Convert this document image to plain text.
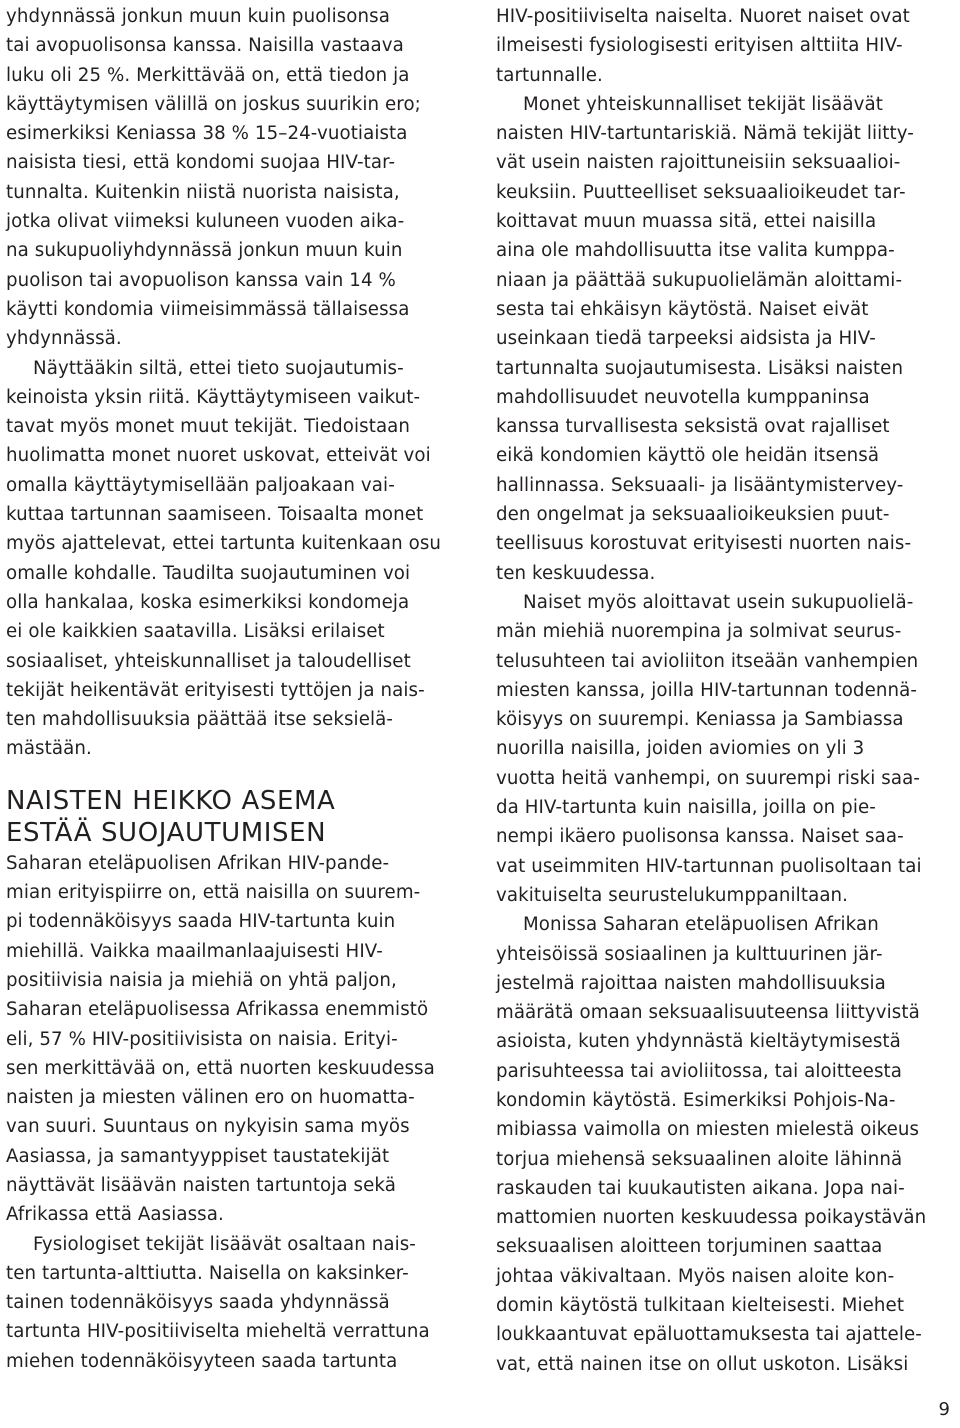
yhdynnässä jonkun muun kuin puolisonsa
tai avopuolisonsa kanssa. Naisilla vastaava
luku oli 25 %. Merkittävää on, että tiedon ja
käyttäytymisen välillä on joskus suurikin ero;
esimerkiksi Keniassa 38 % 15–24-vuotiaista
naisista tiesi, että kondomi suojaa HIV-tar-
tunnalta. Kuitenkin niistä nuorista naisista,
jotka olivat viimeksi kuluneen vuoden aika-
na sukupuoliyhdynnässä jonkun muun kuin
puolison tai avopuolison kanssa vain 14 %
käytti kondomia viimeisimmässä tällaisessa
yhdynnässä.
Näyttääkin siltä, ettei tieto suojautumis-
keinoista yksin riitä. Käyttäytymiseen vaikut-
tavat myös monet muut tekijät. Tiedoistaan
huolimatta monet nuoret uskovat, etteivät voi
omalla käyttäytymisellään paljoakaan vai-
kuttaa tartunnan saamiseen. Toisaalta monet
myös ajattelevat, ettei tartunta kuitenkaan osu
omalle kohdalle. Taudilta suojautuminen voi
olla hankalaa, koska esimerkiksi kondomeja
ei ole kaikkien saatavilla. Lisäksi erilaiset
sosiaaliset, yhteiskunnalliset ja taloudelliset
tekijät heikentävät erityisesti tyttöjen ja nais-
ten mahdollisuuksia päättää itse seksielä-
mästään.
NAISTEN HEIKKO ASEMA
ESTÄÄ SUOJAUTUMISEN
Saharan eteläpuolisen Afrikan HIV-pande-
mian erityispiirre on, että naisilla on suurem-
pi todennäköisyys saada HIV-tartunta kuin
miehillä. Vaikka maailmanlaajuisesti HIV-
positiivisia naisia ja miehiä on yhtä paljon,
Saharan eteläpuolisessa Afrikassa enemmistö
eli, 57 % HIV-positiivisista on naisia. Erityi-
sen merkittävää on, että nuorten keskuudessa
naisten ja miesten välinen ero on huomatta-
van suuri. Suuntaus on nykyisin sama myös
Aasiassa, ja samantyyppiset taustatekijät
näyttävät lisäävän naisten tartuntoja sekä
Afrikassa että Aasiassa.
Fysiologiset tekijät lisäävät osaltaan nais-
ten tartunta-alttiutta. Naisella on kaksinker-
tainen todennäköisyys saada yhdynnässä
tartunta HIV-positiiviselta mieheltä verrattuna
miehen todennäköisyyteen saada tartunta
HIV-positiiviselta naiselta. Nuoret naiset ovat
ilmeisesti fysiologisesti erityisen alttiita HIV-
tartunnalle.
Monet yhteiskunnalliset tekijät lisäävät
naisten HIV-tartuntariskiä. Nämä tekijät liitty-
vät usein naisten rajoittuneisiin seksuaalioi-
keuksiin. Puutteelliset seksuaalioikeudet tar-
koittavat muun muassa sitä, ettei naisilla
aina ole mahdollisuutta itse valita kumppa-
niaan ja päättää sukupuolielämän aloittami-
sesta tai ehkäisyn käytöstä. Naiset eivät
useinkaan tiedä tarpeeksi aidsista ja HIV-
tartunnalta suojautumisesta. Lisäksi naisten
mahdollisuudet neuvotella kumppaninsa
kanssa turvallisesta seksistä ovat rajalliset
eikä kondomien käyttö ole heidän itsensä
hallinnassa. Seksuaali- ja lisääntymistervey-
den ongelmat ja seksuaalioikeuksien puut-
teellisuus korostuvat erityisesti nuorten nais-
ten keskuudessa.
Naiset myös aloittavat usein sukupuolielä-
män miehiä nuorempina ja solmivat seurus-
telusuhteen tai avioliiton itseään vanhempien
miesten kanssa, joilla HIV-tartunnan todennä-
köisyys on suurempi. Keniassa ja Sambiassa
nuorilla naisilla, joiden aviomies on yli 3
vuotta heitä vanhempi, on suurempi riski saa-
da HIV-tartunta kuin naisilla, joilla on pie-
nempi ikäero puolisonsa kanssa. Naiset saa-
vat useimmiten HIV-tartunnan puolisoltaan tai
vakituiselta seurustelukumppaniltaan.
Monissa Saharan eteläpuolisen Afrikan
yhteisöissä sosiaalinen ja kulttuurinen jär-
jestelmä rajoittaa naisten mahdollisuuksia
määrätä omaan seksuaalisuuteensa liittyvistä
asioista, kuten yhdynnästä kieltäytymisestä
parisuhteessa tai avioliitossa, tai aloitteesta
kondomin käytöstä. Esimerkiksi Pohjois-Na-
mibiassa vaimolla on miesten mielestä oikeus
torjua miehensä seksuaalinen aloite lähinnä
raskauden tai kuukautisten aikana. Jopa nai-
mattomien nuorten keskuudessa poikaystävän
seksuaalisen aloitteen torjuminen saattaa
johtaa väkivaltaan. Myös naisen aloite kon-
domin käytöstä tulkitaan kielteisesti. Miehet
loukkaantuvat epäluottamuksesta tai ajattele-
vat, että nainen itse on ollut uskoton. Lisäksi
9
